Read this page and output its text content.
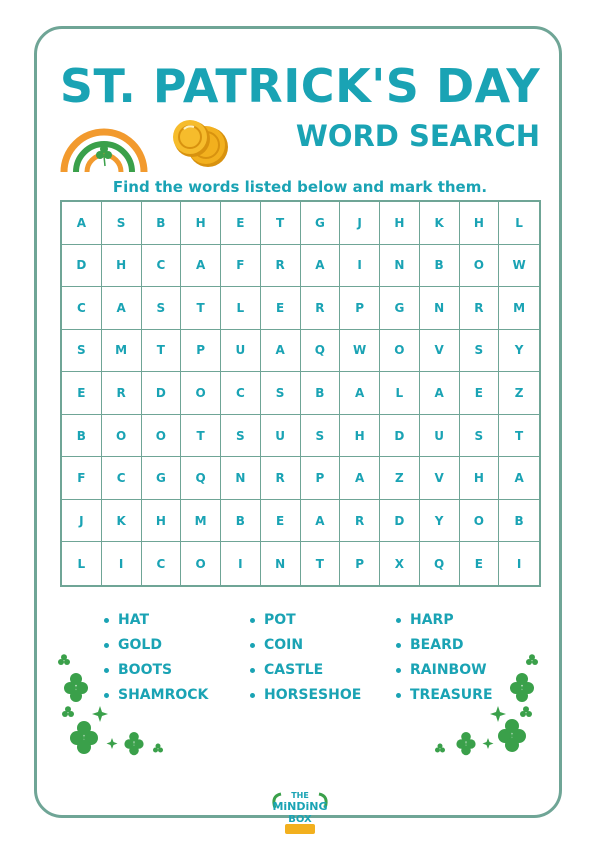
ST. PATRICK'S DAY
WORD SEARCH

Find the words listed below and mark them.

A	S	B	H	E	T	G	J	H	K	H	L
D	H	C	A	F	R	A	I	N	B	O	W
C	A	S	T	L	E	R	P	G	N	R	M
S	M	T	P	U	A	Q	W	O	V	S	Y
E	R	D	O	C	S	B	A	L	A	E	Z
B	O	O	T	S	U	S	H	D	U	S	T
F	C	G	Q	N	R	P	A	Z	V	H	A
J	K	H	M	B	E	A	R	D	Y	O	B
L	I	C	O	I	N	T	P	X	Q	E	I
HAT	POT	HARP
GOLD	COIN	BEARD
BOOTS	CASTLE	RAINBOW
SHAMROCK	HORSESHOE	TREASURE
THE
MiNDiNG
BOX
